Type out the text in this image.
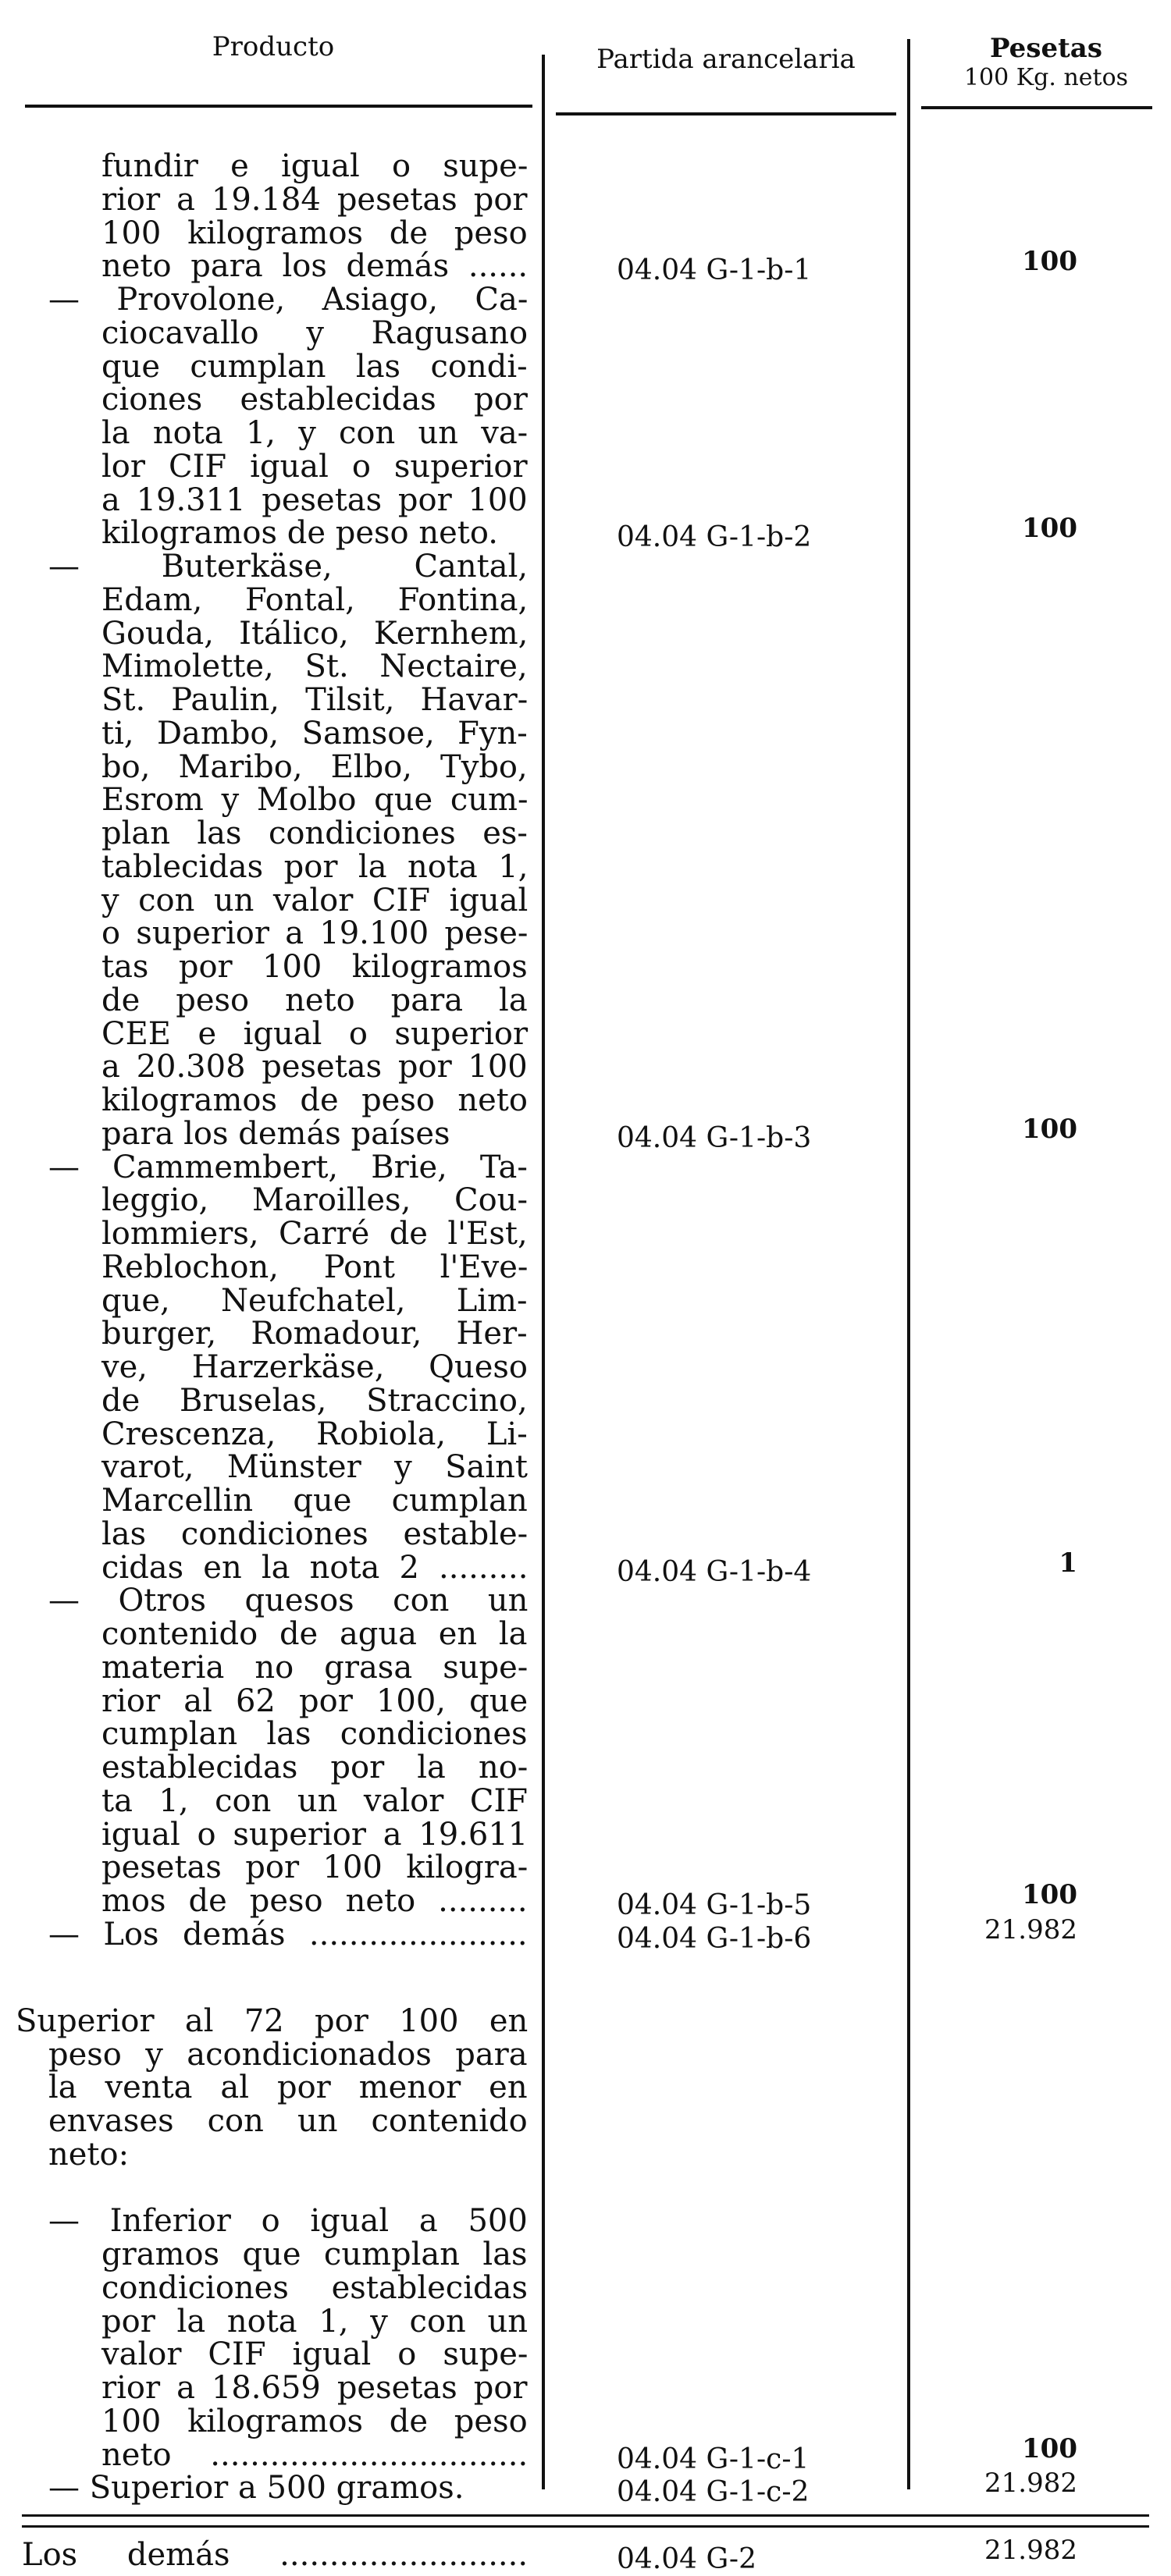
Producto	Partida arancelaria	Pesetas
100 Kg. netos
fundir e igual o supe-
rior a 19.184 pesetas por
100 kilogramos de peso
neto para los demás ......	04.04 G-1-b-1	100
— Provolone, Asiago, Ca-
ciocavallo y Ragusano
que cumplan las condi-
ciones establecidas por
la nota 1, y con un va-
lor CIF igual o superior
a 19.311 pesetas por 100
kilogramos de peso neto.	04.04 G-1-b-2	100
— Buterkäse, Cantal,
Edam, Fontal, Fontina,
Gouda, Itálico, Kernhem,
Mimolette, St. Nectaire,
St. Paulin, Tilsit, Havar-
ti, Dambo, Samsoe, Fyn-
bo, Maribo, Elbo, Tybo,
Esrom y Molbo que cum-
plan las condiciones es-
tablecidas por la nota 1,
y con un valor CIF igual
o superior a 19.100 pese-
tas por 100 kilogramos
de peso neto para la
CEE e igual o superior
a 20.308 pesetas por 100
kilogramos de peso neto
para los demás países	04.04 G-1-b-3	100
— Cammembert, Brie, Ta-
leggio, Maroilles, Cou-
lommiers, Carré de l'Est,
Reblochon, Pont l'Eve-
que, Neufchatel, Lim-
burger, Romadour, Her-
ve, Harzerkäse, Queso
de Bruselas, Straccino,
Crescenza, Robiola, Li-
varot, Münster y Saint
Marcellin que cumplan
las condiciones estable-
cidas en la nota 2 .........	04.04 G-1-b-4	1
— Otros quesos con un
contenido de agua en la
materia no grasa supe-
rior al 62 por 100, que
cumplan las condiciones
establecidas por la no-
ta 1, con un valor CIF
igual o superior a 19.611
pesetas por 100 kilogra-
mos de peso neto .........	04.04 G-1-b-5	100
— Los demás ......................	04.04 G-1-b-6	21.982
Superior al 72 por 100 en
peso y acondicionados para
la venta al por menor en
envases con un contenido
neto:
— Inferior o igual a 500
gramos que cumplan las
condiciones establecidas
por la nota 1, y con un
valor CIF igual o supe-
rior a 18.659 pesetas por
100 kilogramos de peso
neto ................................	04.04 G-1-c-1	100
— Superior a 500 gramos.	04.04 G-1-c-2	21.982
Los demás .........................	04.04 G-2	21.982
